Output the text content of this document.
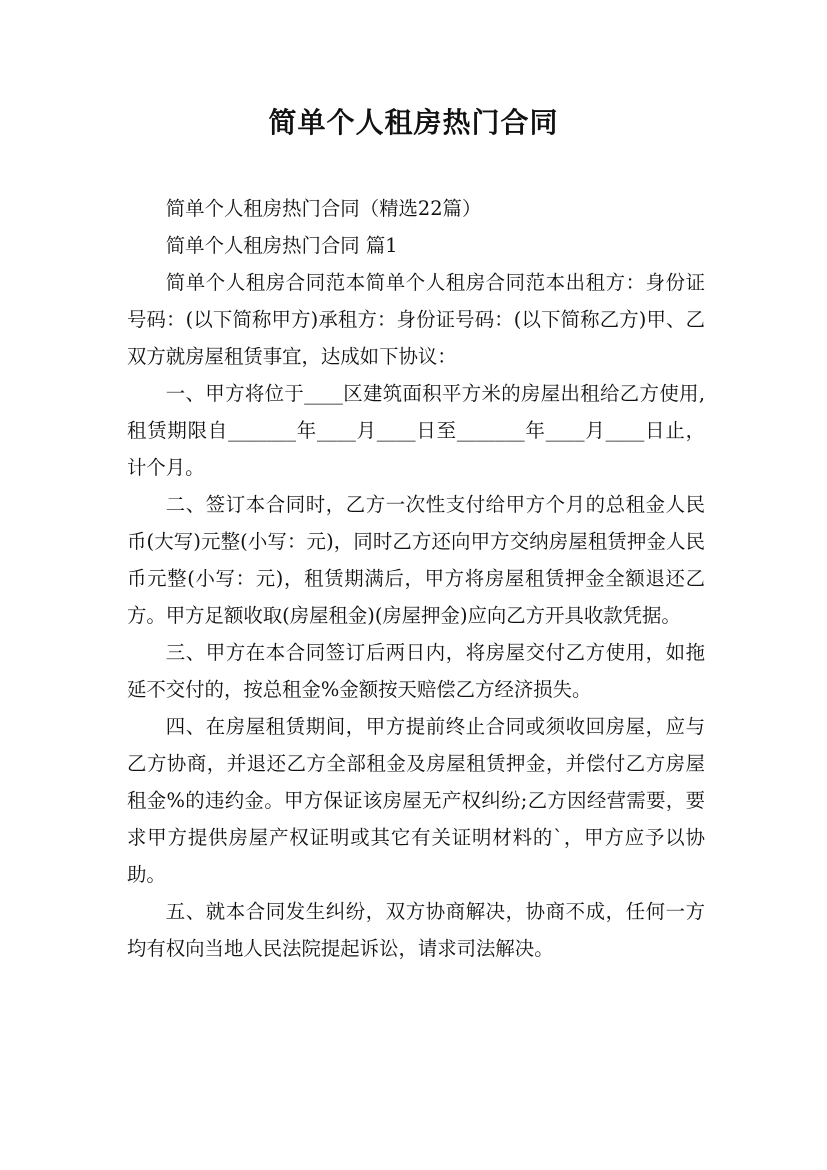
简单个人租房热门合同

简单个人租房热门合同（精选22篇）

简单个人租房热门合同 篇1

简单个人租房合同范本简单个人租房合同范本出租方：身份证号码：(以下简称甲方)承租方：身份证号码：(以下简称乙方)甲、乙双方就房屋租赁事宜，达成如下协议：

一、甲方将位于____区建筑面积平方米的房屋出租给乙方使用,租赁期限自_______年____月____日至_______年____月____日止，计个月。

二、签订本合同时，乙方一次性支付给甲方个月的总租金人民币(大写)元整(小写：元)，同时乙方还向甲方交纳房屋租赁押金人民币元整(小写：元)，租赁期满后，甲方将房屋租赁押金全额退还乙方。甲方足额收取(房屋租金)(房屋押金)应向乙方开具收款凭据。

三、甲方在本合同签订后两日内，将房屋交付乙方使用，如拖延不交付的，按总租金%金额按天赔偿乙方经济损失。

四、在房屋租赁期间，甲方提前终止合同或须收回房屋，应与乙方协商，并退还乙方全部租金及房屋租赁押金，并偿付乙方房屋租金%的违约金。甲方保证该房屋无产权纠纷;乙方因经营需要，要求甲方提供房屋产权证明或其它有关证明材料的`，甲方应予以协助。

五、就本合同发生纠纷，双方协商解决，协商不成，任何一方均有权向当地人民法院提起诉讼，请求司法解决。
